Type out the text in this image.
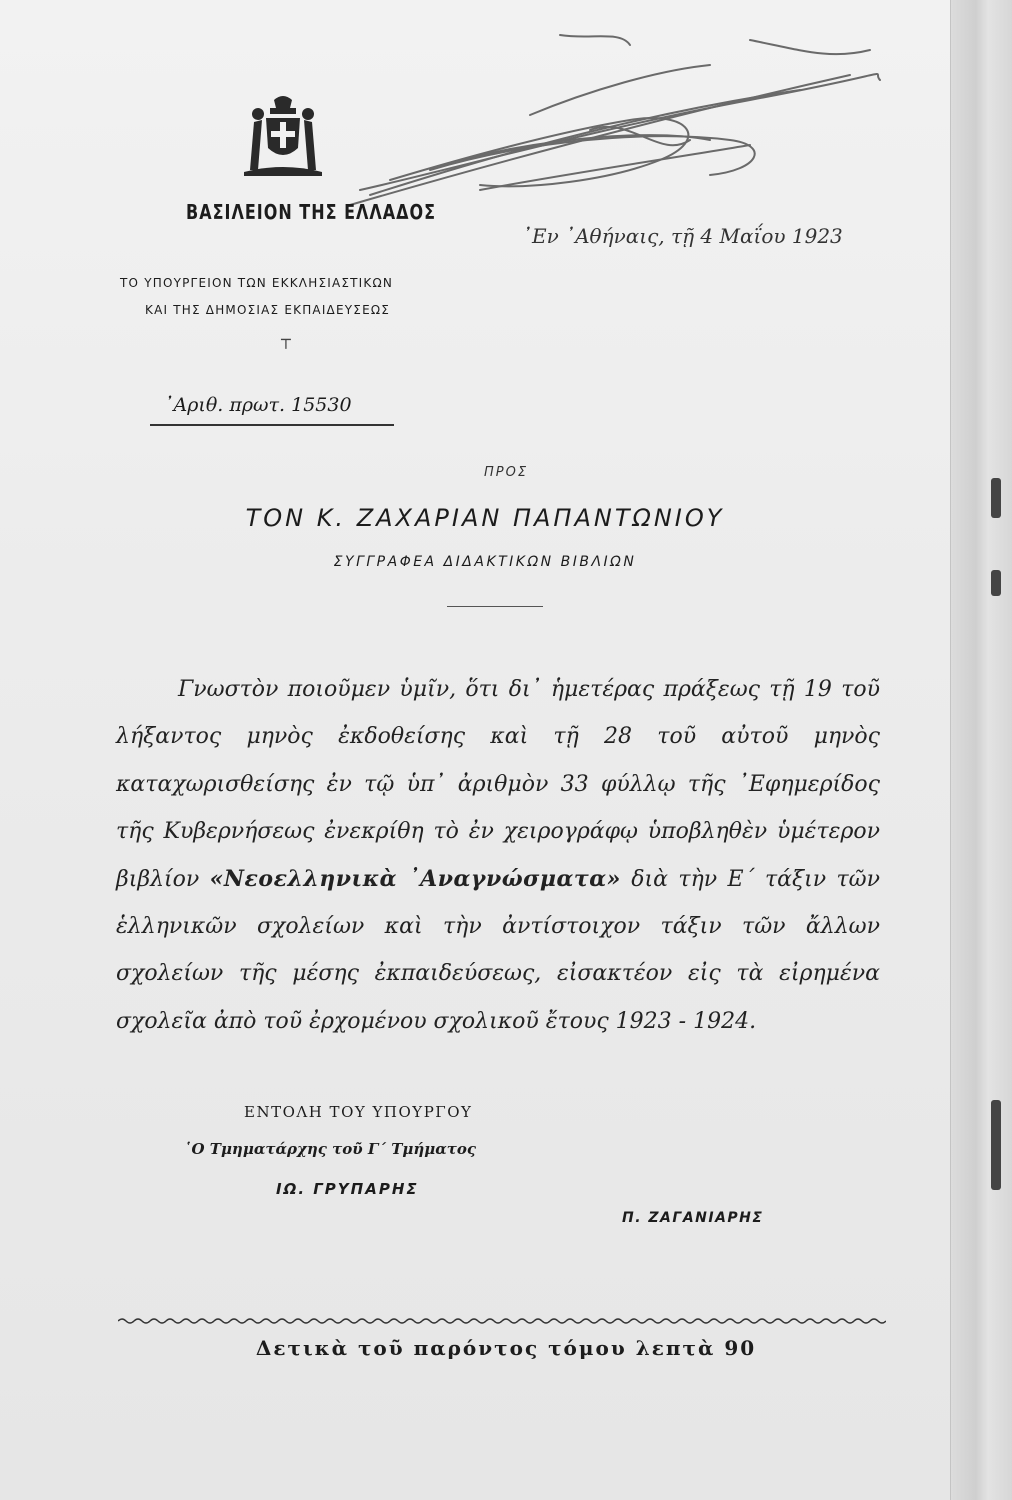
ΒΑΣΙΛΕΙΟΝ ΤΗΣ ΕΛΛΑΔΟΣ
᾿Εν ᾿Αθήναις, τῇ 4 Μαΐου 1923
ΤΟ ΥΠΟΥΡΓΕΙΟΝ ΤΩΝ ΕΚΚΛΗΣΙΑΣΤΙΚΩΝ
ΚΑΙ ΤΗΣ ΔΗΜΟΣΙΑΣ ΕΚΠΑΙΔΕΥΣΕΩΣ
┬
᾿Αριθ. πρωτ. 15530
ΠΡΟΣ
ΤΟΝ Κ. ΖΑΧΑΡΙΑΝ ΠΑΠΑΝΤΩΝΙΟΥ
ΣΥΓΓΡΑΦΕΑ ΔΙΔΑΚΤΙΚΩΝ ΒΙΒΛΙΩΝ
Γνωστὸν ποιοῦμεν ὑμῖν, ὅτι δι᾿ ἡμετέρας πράξεως τῇ 19 τοῦ λήξαντος μηνὸς ἐκδοθείσης καὶ τῇ 28 τοῦ αὐτοῦ μηνὸς καταχωρισθείσης ἐν τῷ ὑπ᾿ ἀριθμὸν 33 φύλλῳ τῆς ᾿Εφημερίδος τῆς Κυβερνήσεως ἐνεκρίθη τὸ ἐν χειρογράφῳ ὑποβληθὲν ὑμέτερον βιβλίον «Νεοελληνικὰ ᾿Αναγνώσματα» διὰ τὴν Ε΄ τάξιν τῶν ἑλληνικῶν σχολείων καὶ τὴν ἀντίστοιχον τάξιν τῶν ἄλλων σχολείων τῆς μέσης ἐκπαιδεύσεως, εἰσακτέον εἰς τὰ εἰρημένα σχολεῖα ἀπὸ τοῦ ἐρχομένου σχολικοῦ ἔτους 1923 - 1924.
ΕΝΤΟΛΗ ΤΟΥ ΥΠΟΥΡΓΟΥ
῾Ο Τμηματάρχης τοῦ Γ΄ Τμήματος
ΙΩ. ΓΡΥΠΑΡΗΣ
Π. ΖΑΓΑΝΙΑΡΗΣ
Δετικὰ τοῦ παρόντος τόμου λεπτὰ 90
